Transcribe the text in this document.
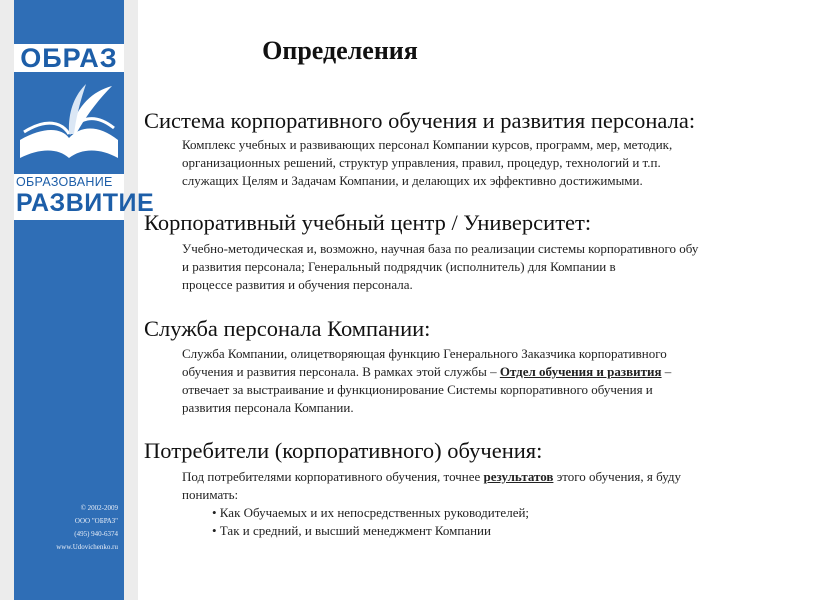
ОБРАЗ
ОБРАЗОВАНИЕ
РАЗВИТИЕ
© 2002-2009
ООО "ОБРАЗ"
(495) 940-6374
www.Udovichenko.ru
Определения
Система корпоративного обучения и развития персонала:
Комплекс учебных и развивающих персонал Компании курсов, программ, мер, методик,
организационных решений, структур управления, правил, процедур, технологий и т.п.
служащих Целям и Задачам Компании, и делающих их эффективно достижимыми.
Корпоративный учебный центр / Университет:
Учебно-методическая и, возможно, научная база по реализации системы корпоративного обу
и развития персонала; Генеральный подрядчик (исполнитель) для Компании в
процессе развития и обучения персонала.
Служба персонала Компании:
Служба Компании, олицетворяющая функцию Генерального Заказчика корпоративного
обучения и развития персонала. В рамках этой службы – Отдел обучения и развития –
отвечает за выстраивание и функционирование Системы корпоративного обучения и
развития персонала Компании.
Потребители (корпоративного) обучения:
Под потребителями корпоративного обучения, точнее результатов этого обучения, я буду
понимать:
• Как Обучаемых и их непосредственных руководителей;
• Так и средний, и высший менеджмент Компании
